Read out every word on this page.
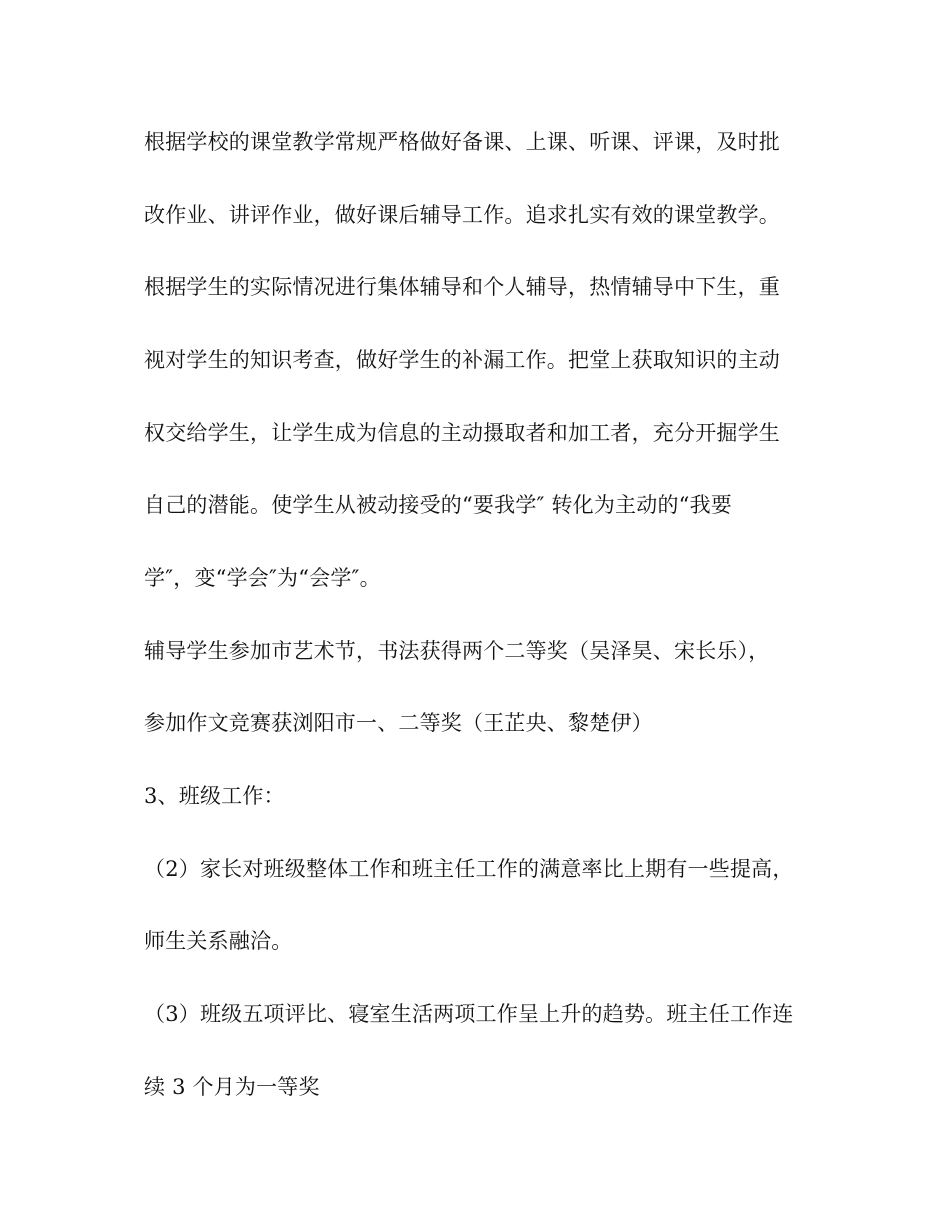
根据学校的课堂教学常规严格做好备课、上课、听课、评课，及时批
改作业、讲评作业，做好课后辅导工作。追求扎实有效的课堂教学。
根据学生的实际情况进行集体辅导和个人辅导，热情辅导中下生，重
视对学生的知识考查，做好学生的补漏工作。把堂上获取知识的主动
权交给学生，让学生成为信息的主动摄取者和加工者，充分开掘学生
自己的潜能。使学生从被动接受的“要我学″ 转化为主动的“我要
学″，变“学会″为“会学″。
辅导学生参加市艺术节，书法获得两个二等奖（吴泽昊、宋长乐），
参加作文竞赛获浏阳市一、二等奖（王芷央、黎楚伊）
3、班级工作：
（2）家长对班级整体工作和班主任工作的满意率比上期有一些提高，
师生关系融洽。
（3）班级五项评比、寝室生活两项工作呈上升的趋势。班主任工作连
续 3 个月为一等奖
